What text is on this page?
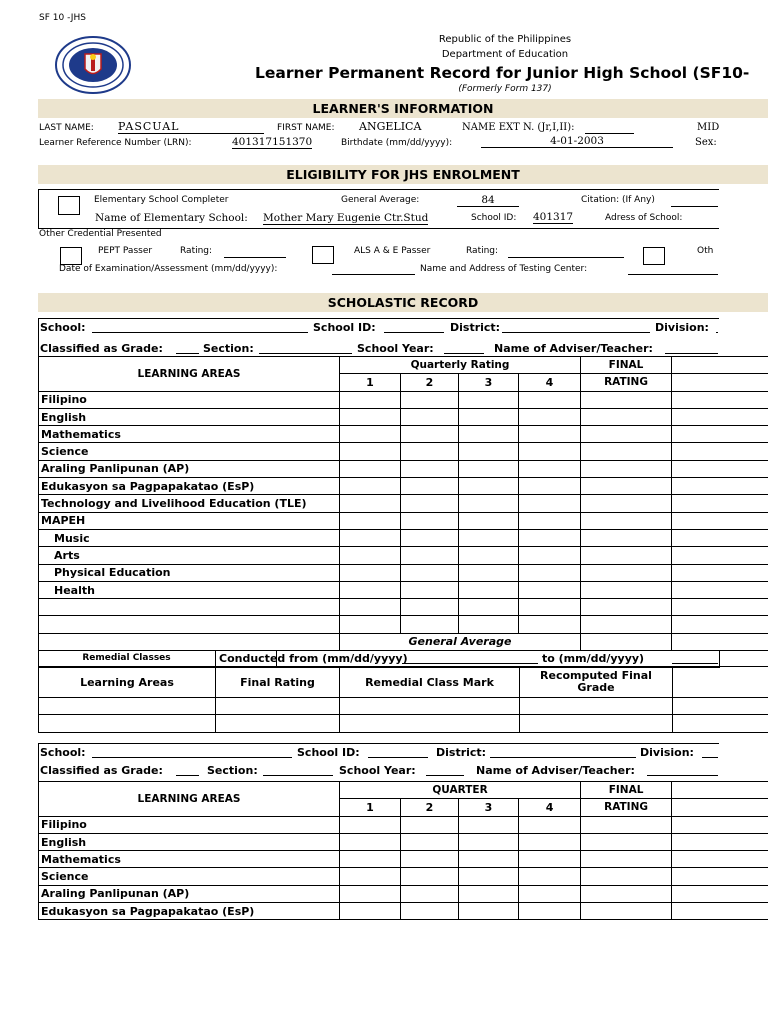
SF 10 -JHS
Republic of the Philippines
Department of Education
Learner Permanent Record for Junior High School (SF10-
(Formerly Form 137)
LEARNER'S INFORMATION
LAST NAME: PASCUAL	FIRST NAME: ANGELICA	NAME EXT N. (Jr,I,II):	MID
Learner Reference Number (LRN):	401317151370	Birthdate (mm/dd/yyyy):	4-01-2003	Sex:
ELIGIBILITY FOR JHS ENROLMENT
Elementary School Completer	General Average:	84	Citation: (If Any)
Name of Elementary School: Mother Mary Eugenie Ctr.Stud	School ID: 401317	Adress of School:
Other Credential Presented
PEPT Passer	Rating:	ALS A & E Passer	Rating:	Oth
Date of Examination/Assessment (mm/dd/yyyy):	Name and Address of Testing Center:
SCHOLASTIC RECORD
School:	School ID:	District:	Division:
Classified as Grade:	Section:	School Year:	Name of Adviser/Teacher:
LEARNING AREAS	Quarterly Rating				FINAL	
	1	2	3	4	RATING	
Filipino						
English						
Mathematics						
Science						
Araling Panlipunan (AP)						
Edukasyon sa Pagpapakatao (EsP)						
Technology and Livelihood Education (TLE)						
MAPEH						
Music						
Arts						
Physical Education						
Health						

	General Average					
Remedial Classes	Conducted from (mm/dd/yyyy)	to (mm/dd/yyyy)
Learning Areas	Final Rating	Remedial Class Mark	Recomputed Final
Grade	

School:	School ID:	District:	Division:
Classified as Grade:	Section:	School Year:	Name of Adviser/Teacher:
LEARNING AREAS	QUARTER				FINAL	
	1	2	3	4	RATING	
Filipino						
English						
Mathematics						
Science						
Araling Panlipunan (AP)						
Edukasyon sa Pagpapakatao (EsP)						
